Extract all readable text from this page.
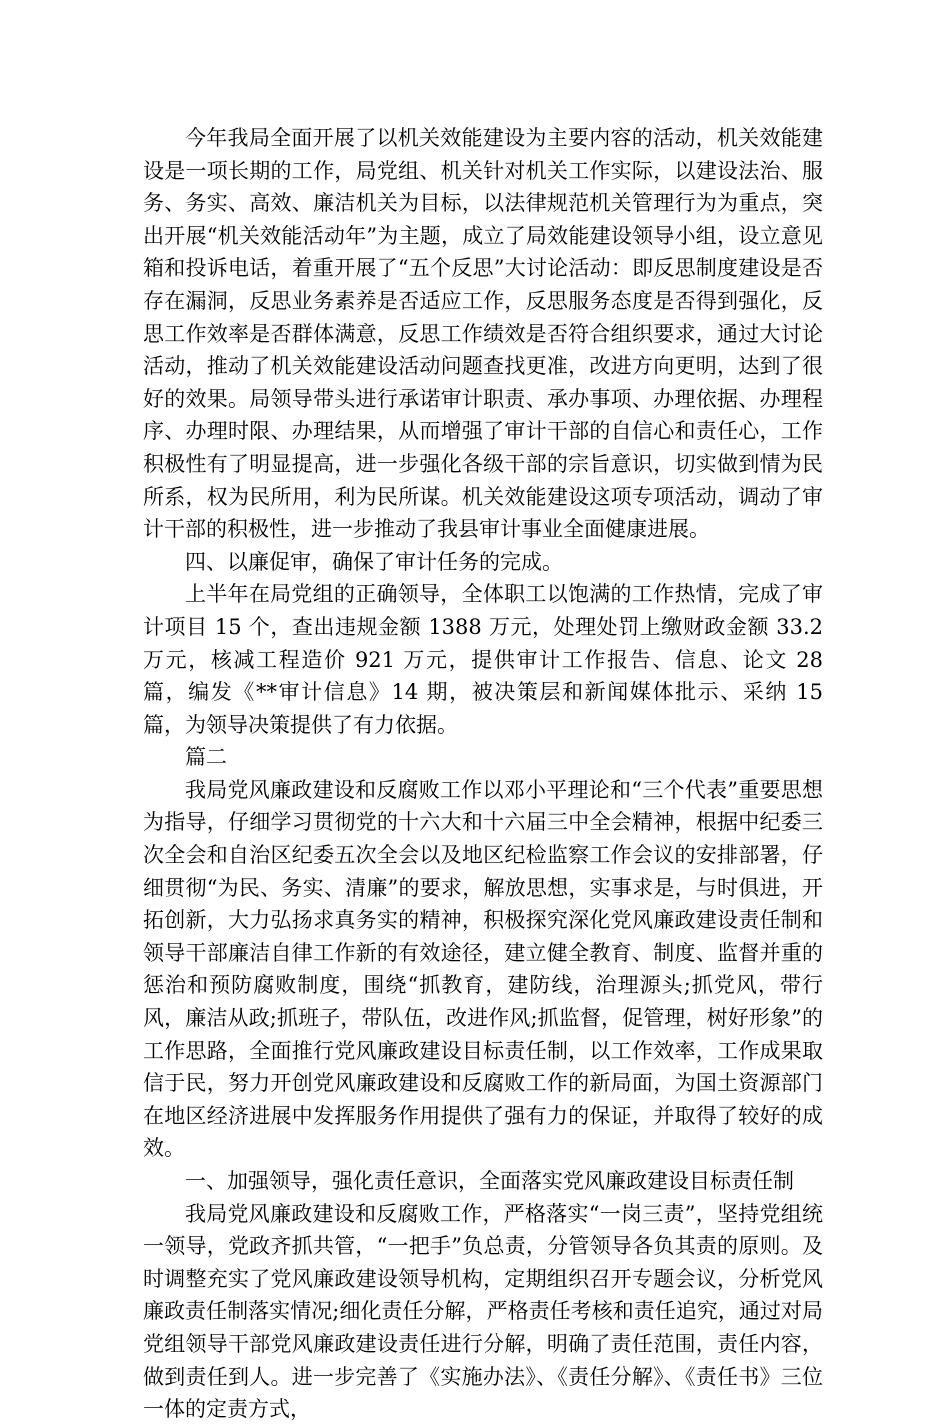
今年我局全面开展了以机关效能建设为主要内容的活动，机关效能建设是一项长期的工作，局党组、机关针对机关工作实际，以建设法治、服务、务实、高效、廉洁机关为目标，以法律规范机关管理行为为重点，突出开展“机关效能活动年”为主题，成立了局效能建设领导小组，设立意见箱和投诉电话，着重开展了“五个反思”大讨论活动：即反思制度建设是否存在漏洞，反思业务素养是否适应工作，反思服务态度是否得到强化，反思工作效率是否群体满意，反思工作绩效是否符合组织要求，通过大讨论活动，推动了机关效能建设活动问题查找更准，改进方向更明，达到了很好的效果。局领导带头进行承诺审计职责、承办事项、办理依据、办理程序、办理时限、办理结果，从而增强了审计干部的自信心和责任心，工作积极性有了明显提高，进一步强化各级干部的宗旨意识，切实做到情为民所系，权为民所用，利为民所谋。机关效能建设这项专项活动，调动了审计干部的积极性，进一步推动了我县审计事业全面健康进展。

四、以廉促审，确保了审计任务的完成。

上半年在局党组的正确领导，全体职工以饱满的工作热情，完成了审计项目 15 个，查出违规金额 1388 万元，处理处罚上缴财政金额 33.2 万元，核减工程造价 921 万元，提供审计工作报告、信息、论文 28 篇，编发《**审计信息》14 期，被决策层和新闻媒体批示、采纳 15 篇，为领导决策提供了有力依据。

篇二

我局党风廉政建设和反腐败工作以邓小平理论和“三个代表”重要思想为指导，仔细学习贯彻党的十六大和十六届三中全会精神，根据中纪委三次全会和自治区纪委五次全会以及地区纪检监察工作会议的安排部署，仔细贯彻“为民、务实、清廉”的要求，解放思想，实事求是，与时俱进，开拓创新，大力弘扬求真务实的精神，积极探究深化党风廉政建设责任制和领导干部廉洁自律工作新的有效途径，建立健全教育、制度、监督并重的惩治和预防腐败制度，围绕“抓教育，建防线，治理源头;抓党风，带行风，廉洁从政;抓班子，带队伍，改进作风;抓监督，促管理，树好形象”的工作思路，全面推行党风廉政建设目标责任制，以工作效率，工作成果取信于民，努力开创党风廉政建设和反腐败工作的新局面，为国土资源部门在地区经济进展中发挥服务作用提供了强有力的保证，并取得了较好的成效。

一、加强领导，强化责任意识，全面落实党风廉政建设目标责任制

我局党风廉政建设和反腐败工作，严格落实“一岗三责”，坚持党组统一领导，党政齐抓共管，“一把手”负总责，分管领导各负其责的原则。及时调整充实了党风廉政建设领导机构，定期组织召开专题会议，分析党风廉政责任制落实情况;细化责任分解，严格责任考核和责任追究，通过对局党组领导干部党风廉政建设责任进行分解，明确了责任范围，责任内容，做到责任到人。进一步完善了《实施办法》、《责任分解》、《责任书》三位一体的定责方式，
